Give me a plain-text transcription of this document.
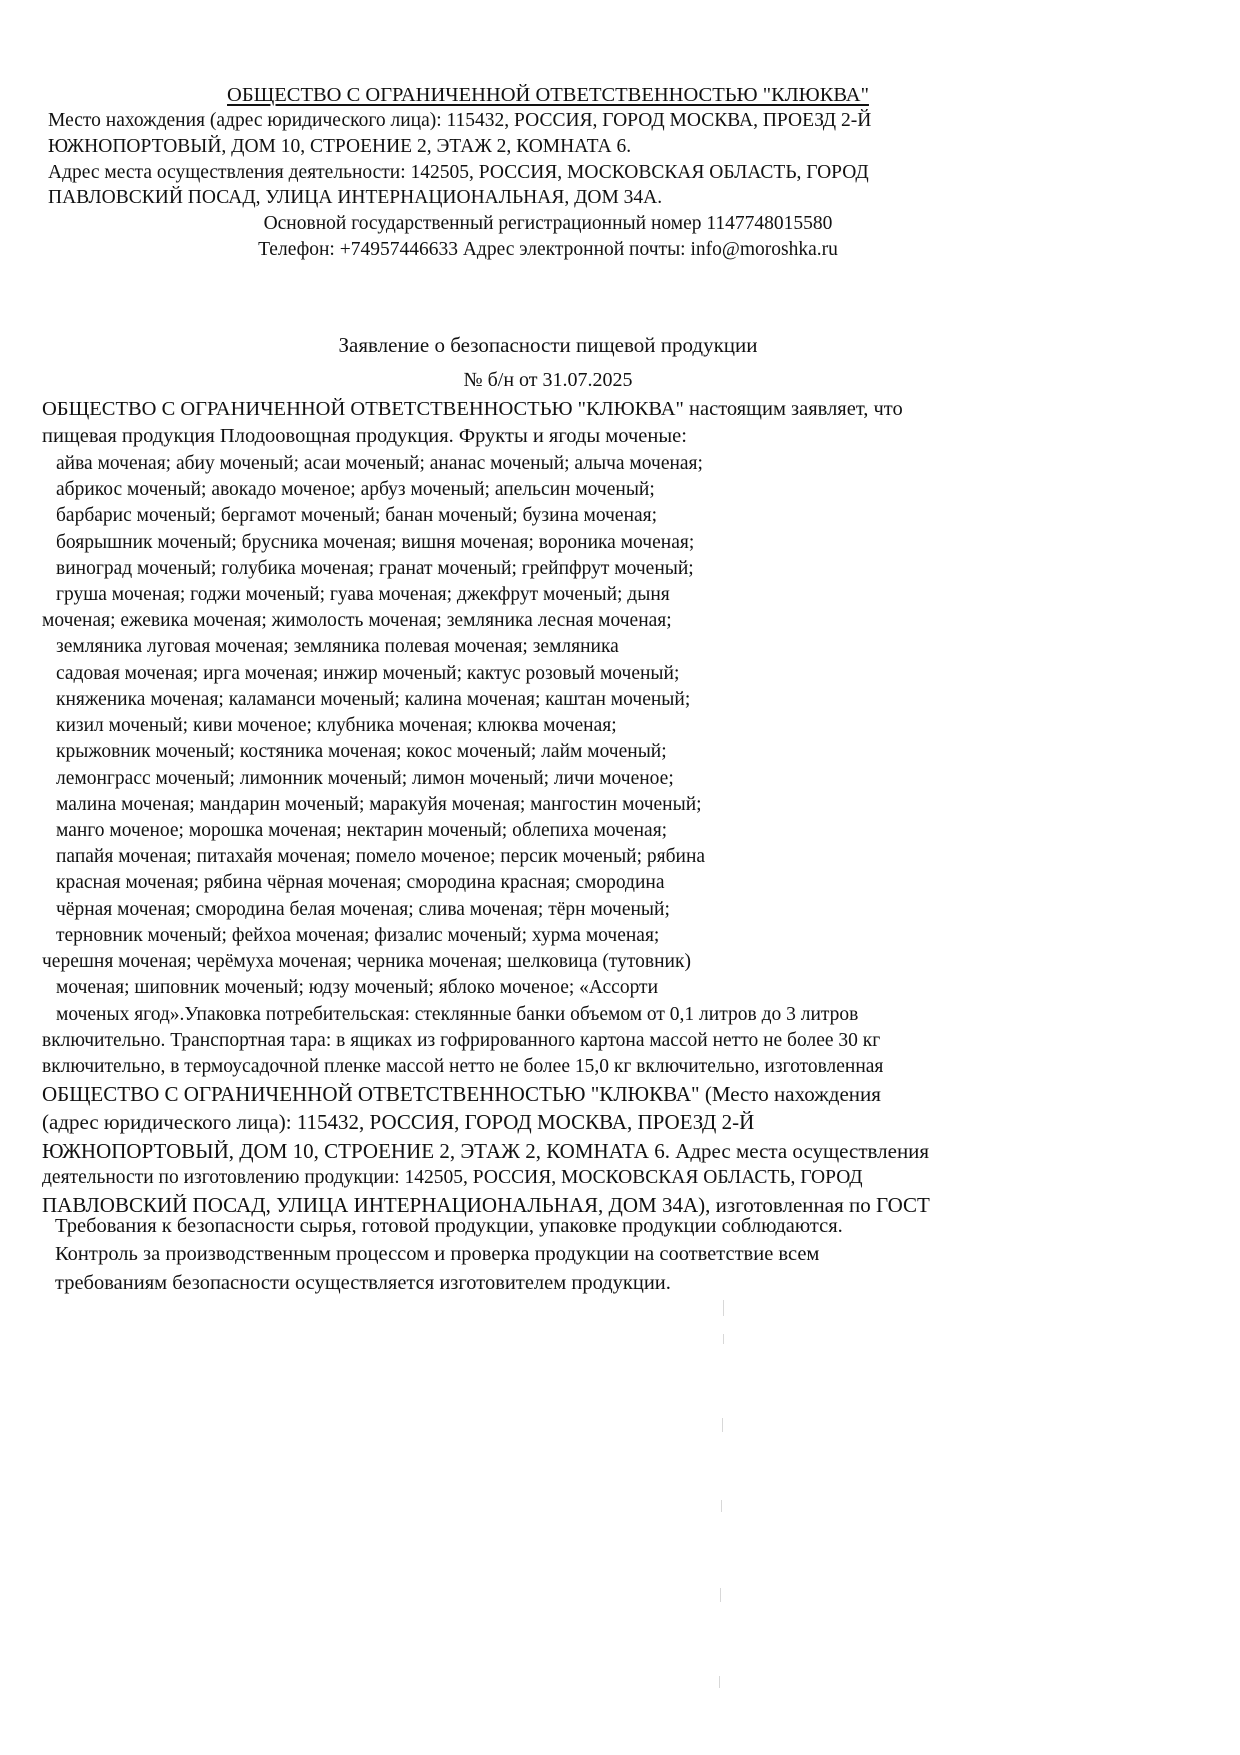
ОБЩЕСТВО С ОГРАНИЧЕННОЙ ОТВЕТСТВЕННОСТЬЮ "КЛЮКВА"
Место нахождения (адрес юридического лица): 115432, РОССИЯ, ГОРОД МОСКВА, ПРОЕЗД 2-Й
ЮЖНОПОРТОВЫЙ, ДОМ 10, СТРОЕНИЕ 2, ЭТАЖ 2, КОМНАТА 6.
Адрес места осуществления деятельности: 142505, РОССИЯ, МОСКОВСКАЯ ОБЛАСТЬ, ГОРОД
ПАВЛОВСКИЙ ПОСАД, УЛИЦА ИНТЕРНАЦИОНАЛЬНАЯ, ДОМ 34А.
Основной государственный регистрационный номер 1147748015580
Телефон: +74957446633 Адрес электронной почты: info@moroshka.ru
Заявление о безопасности пищевой продукции
№ б/н от 31.07.2025
ОБЩЕСТВО С ОГРАНИЧЕННОЙ ОТВЕТСТВЕННОСТЬЮ "КЛЮКВА" настоящим заявляет, что
пищевая продукция Плодоовощная продукция. Фрукты и ягоды моченые:
айва моченая; абиу моченый; асаи моченый; ананас моченый; алыча моченая;
абрикос моченый; авокадо моченое; арбуз моченый; апельсин моченый;
барбарис моченый; бергамот моченый; банан моченый; бузина моченая;
боярышник моченый; брусника моченая; вишня моченая; вороника моченая;
виноград моченый; голубика моченая; гранат моченый; грейпфрут моченый;
груша моченая; годжи моченый; гуава моченая; джекфрут моченый; дыня
моченая; ежевика моченая; жимолость моченая; земляника лесная моченая;
земляника луговая моченая; земляника полевая моченая; земляника
садовая моченая; ирга моченая; инжир моченый; кактус розовый моченый;
княженика моченая; каламанси моченый; калина моченая; каштан моченый;
кизил моченый; киви моченое; клубника моченая; клюква моченая;
крыжовник моченый; костяника моченая; кокос моченый; лайм моченый;
лемонграсс моченый; лимонник моченый; лимон моченый; личи моченое;
малина моченая; мандарин моченый; маракуйя моченая; мангостин моченый;
манго моченое; морошка моченая; нектарин моченый; облепиха моченая;
папайя моченая; питахайя моченая; помело моченое; персик моченый; рябина
красная моченая; рябина чёрная моченая; смородина красная; смородина
чёрная моченая; смородина белая моченая; слива моченая; тёрн моченый;
терновник моченый; фейхоа моченая; физалис моченый; хурма моченая;
черешня моченая; черёмуха моченая; черника моченая; шелковица (тутовник)
моченая; шиповник моченый; юдзу моченый; яблоко моченое; «Ассорти
моченых ягод».Упаковка потребительская: стеклянные банки объемом от 0,1 литров до 3 литров
включительно. Транспортная тара: в ящиках из гофрированного картона массой нетто не более 30 кг
включительно, в термоусадочной пленке массой нетто не более 15,0 кг включительно, изготовленная
ОБЩЕСТВО С ОГРАНИЧЕННОЙ ОТВЕТСТВЕННОСТЬЮ "КЛЮКВА" (Место нахождения
(адрес юридического лица): 115432, РОССИЯ, ГОРОД МОСКВА, ПРОЕЗД 2-Й
ЮЖНОПОРТОВЫЙ, ДОМ 10, СТРОЕНИЕ 2, ЭТАЖ 2, КОМНАТА 6. Адрес места осуществления
деятельности по изготовлению продукции: 142505, РОССИЯ, МОСКОВСКАЯ ОБЛАСТЬ, ГОРОД
ПАВЛОВСКИЙ ПОСАД, УЛИЦА ИНТЕРНАЦИОНАЛЬНАЯ, ДОМ 34А), изготовленная по ГОСТ
Требования к безопасности сырья, готовой продукции, упаковке продукции соблюдаются.
Контроль за производственным процессом и проверка продукции на соответствие всем
требованиям безопасности осуществляется изготовителем продукции.
